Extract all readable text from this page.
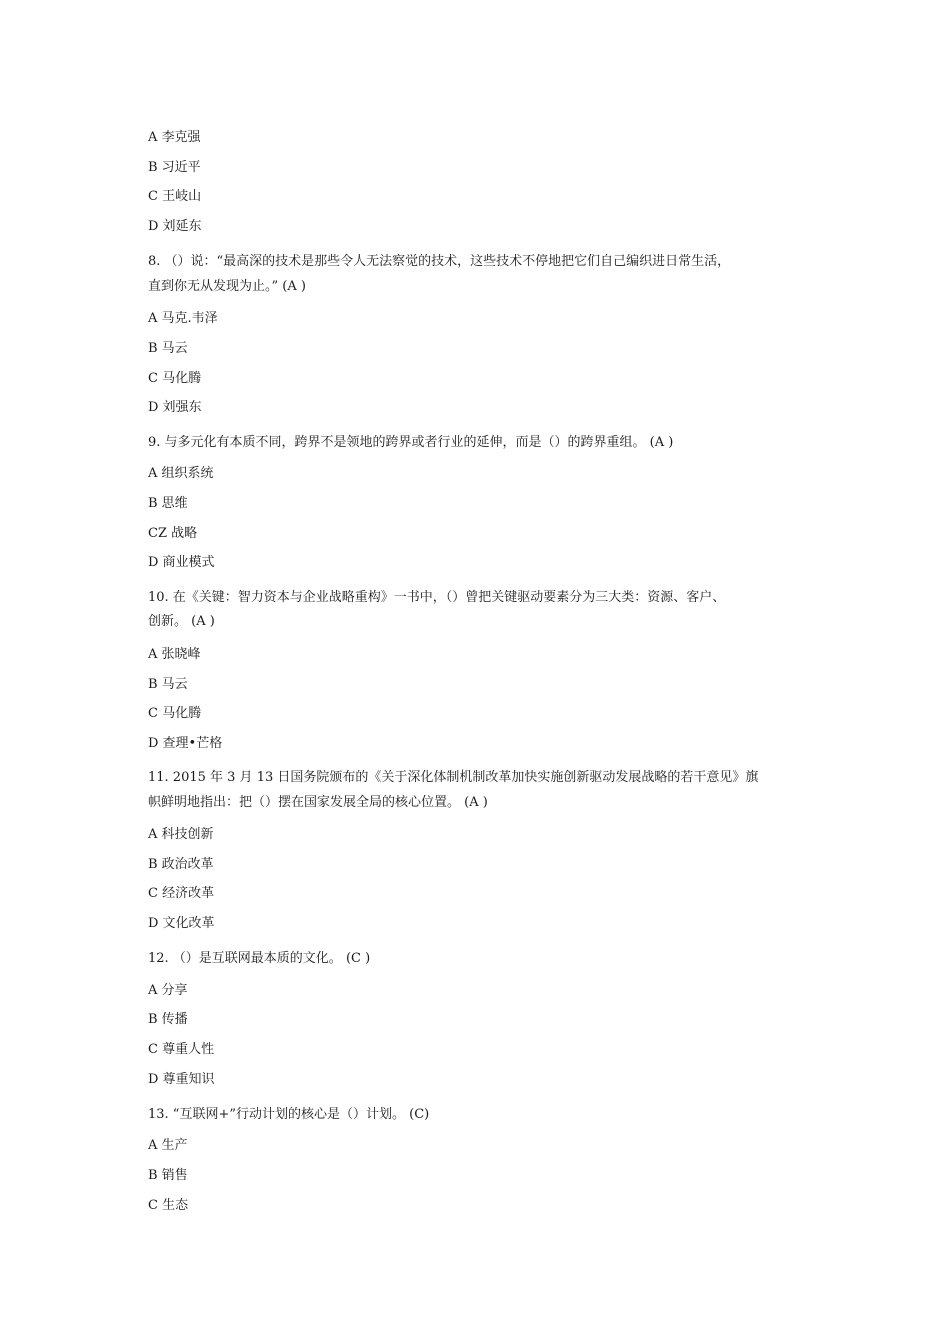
A 李克强
B 习近平
C 王岐山
D 刘延东
8. （）说：“最高深的技术是那些令人无法察觉的技术，这些技术不停地把它们自己编织进日常生活，
直到你无从发现为止。” (A )
A 马克.韦泽
B 马云
C 马化腾
D 刘强东
9. 与多元化有本质不同，跨界不是领地的跨界或者行业的延伸，而是（）的跨界重组。 (A )
A 组织系统
B 思维
CZ 战略
D 商业模式
10. 在《关键：智力资本与企业战略重构》一书中，（）曾把关键驱动要素分为三大类：资源、客户、
创新。 (A )
A 张晓峰
B 马云
C 马化腾
D 查理•芒格
11. 2015 年 3 月 13 日国务院颁布的《关于深化体制机制改革加快实施创新驱动发展战略的若干意见》旗
帜鲜明地指出：把（）摆在国家发展全局的核心位置。 (A )
A 科技创新
B 政治改革
C 经济改革
D 文化改革
12. （）是互联网最本质的文化。 (C )
A 分享
B 传播
C 尊重人性
D 尊重知识
13. “互联网+”行动计划的核心是（）计划。 (C)
A 生产
B 销售
C 生态
